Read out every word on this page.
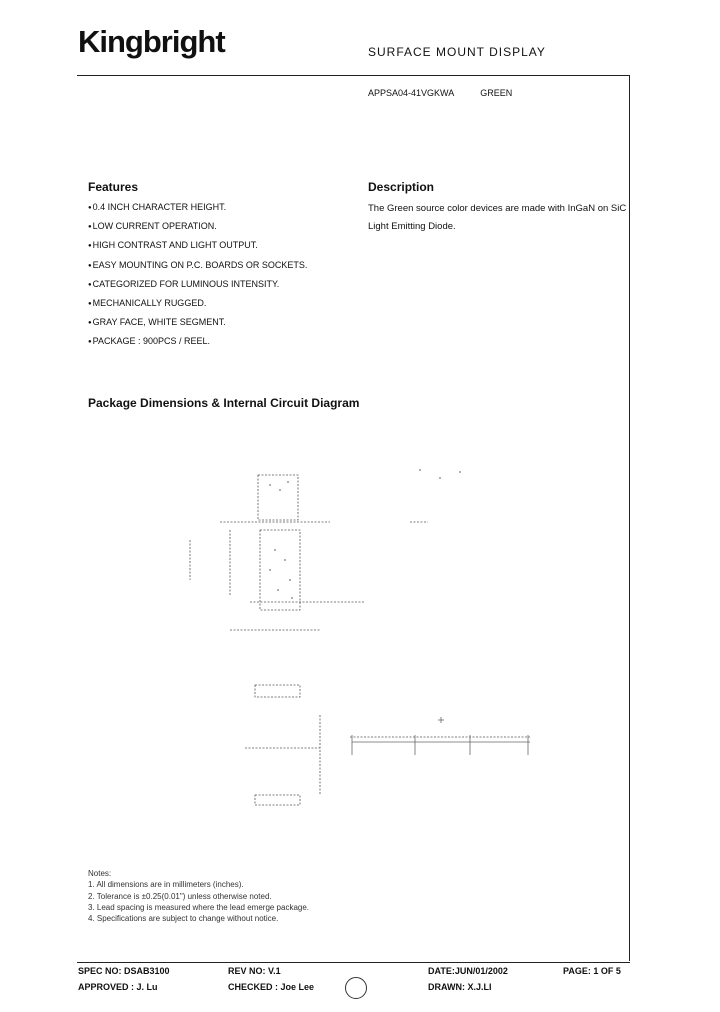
Kingbright	SURFACE MOUNT DISPLAY
APPSA04-41VGKWA	GREEN
Features
● 0.4 INCH CHARACTER HEIGHT.
● LOW CURRENT OPERATION.
● HIGH CONTRAST AND LIGHT OUTPUT.
● EASY MOUNTING ON P.C. BOARDS OR SOCKETS.
● CATEGORIZED FOR LUMINOUS INTENSITY.
● MECHANICALLY RUGGED.
● GRAY FACE, WHITE SEGMENT.
● PACKAGE : 900PCS / REEL.
Description
The Green source color devices are made with InGaN on SiC Light Emitting Diode.
Package Dimensions & Internal Circuit Diagram
Notes:
1. All dimensions are in millimeters (inches).
2. Tolerance is ±0.25(0.01") unless otherwise noted.
3. Lead spacing is measured where the lead emerge package.
4. Specifications are subject to change without notice.
SPEC NO: DSAB3100	REV NO: V.1	DATE:JUN/01/2002	PAGE: 1 OF 5
APPROVED : J. Lu	CHECKED : Joe Lee	DRAWN: X.J.LI
